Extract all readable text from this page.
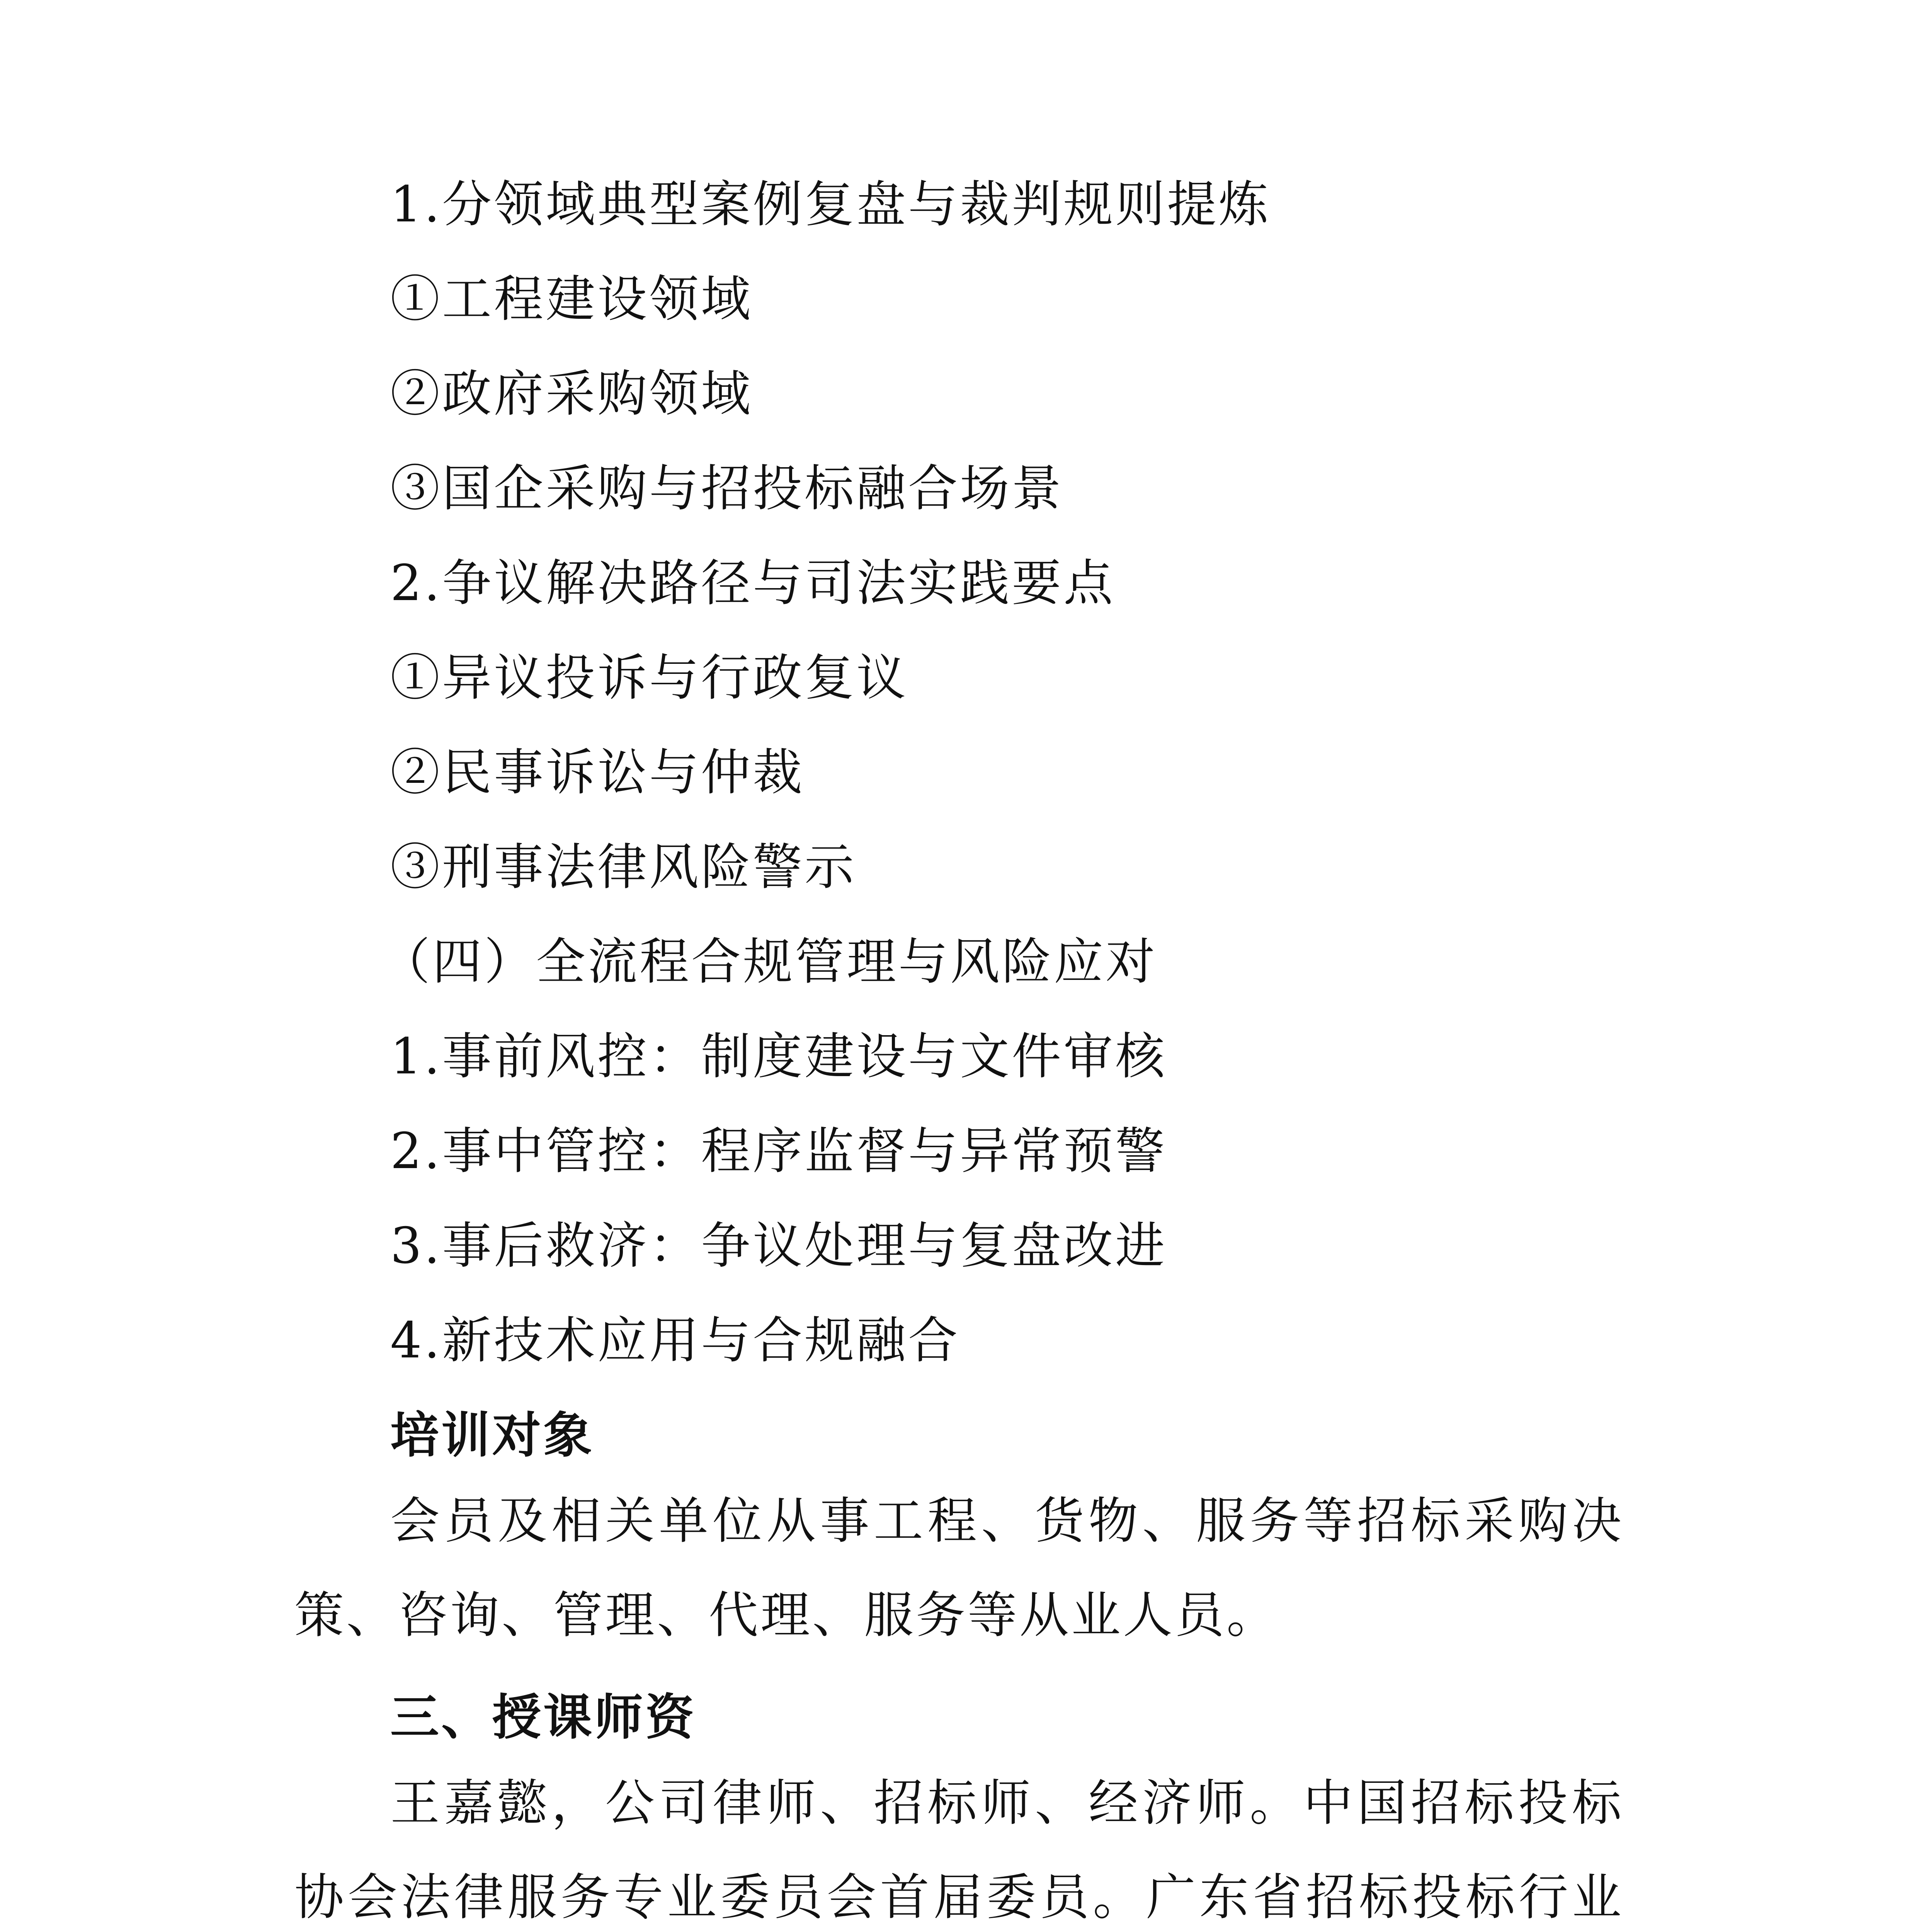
1.分领域典型案例复盘与裁判规则提炼
①工程建设领域
②政府采购领域
③国企采购与招投标融合场景
2.争议解决路径与司法实践要点
①异议投诉与行政复议
②民事诉讼与仲裁
③刑事法律风险警示
（四）全流程合规管理与风险应对
1.事前风控：制度建设与文件审核
2.事中管控：程序监督与异常预警
3.事后救济：争议处理与复盘改进
4.新技术应用与合规融合
培训对象
会员及相关单位从事工程、货物、服务等招标采购决策、咨询、管理、代理、服务等从业人员。
三、授课师资
王嘉懿，公司律师、招标师、经济师。中国招标投标协会法律服务专业委员会首届委员。广东省招标投标行业
